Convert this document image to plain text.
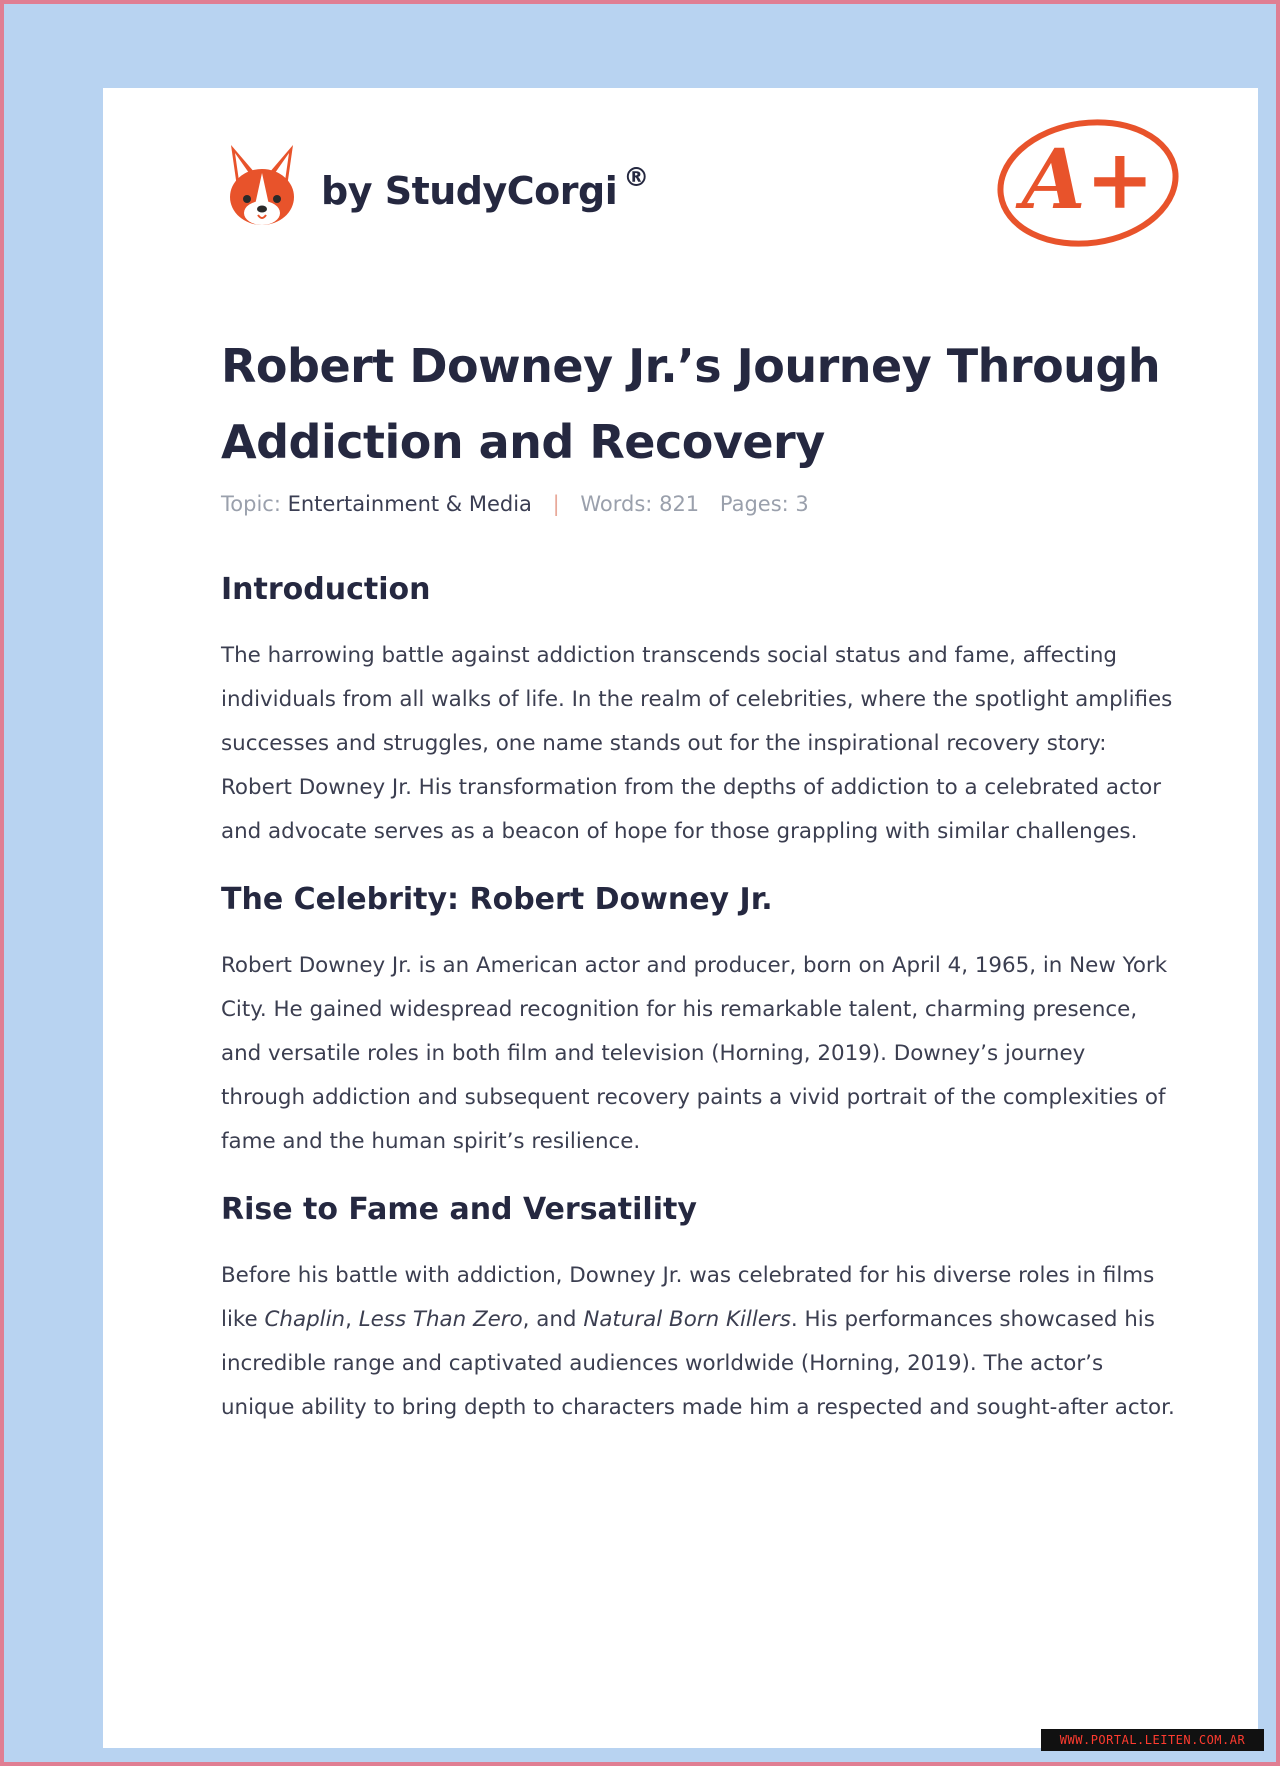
by StudyCorgi ®	A+
Robert Downey Jr.’s Journey Through Addiction and Recovery
Topic: Entertainment & Media | Words: 821 Pages: 3
Introduction

The harrowing battle against addiction transcends social status and fame, affecting individuals from all walks of life. In the realm of celebrities, where the spotlight amplifies successes and struggles, one name stands out for the inspirational recovery story: Robert Downey Jr. His transformation from the depths of addiction to a celebrated actor and advocate serves as a beacon of hope for those grappling with similar challenges.

The Celebrity: Robert Downey Jr.

Robert Downey Jr. is an American actor and producer, born on April 4, 1965, in New York City. He gained widespread recognition for his remarkable talent, charming presence, and versatile roles in both film and television (Horning, 2019). Downey’s journey through addiction and subsequent recovery paints a vivid portrait of the complexities of fame and the human spirit’s resilience.

Rise to Fame and Versatility

Before his battle with addiction, Downey Jr. was celebrated for his diverse roles in films like Chaplin, Less Than Zero, and Natural Born Killers. His performances showcased his incredible range and captivated audiences worldwide (Horning, 2019). The actor’s unique ability to bring depth to characters made him a respected and sought-after actor.

WWW.PORTAL.LEITEN.COM.AR
